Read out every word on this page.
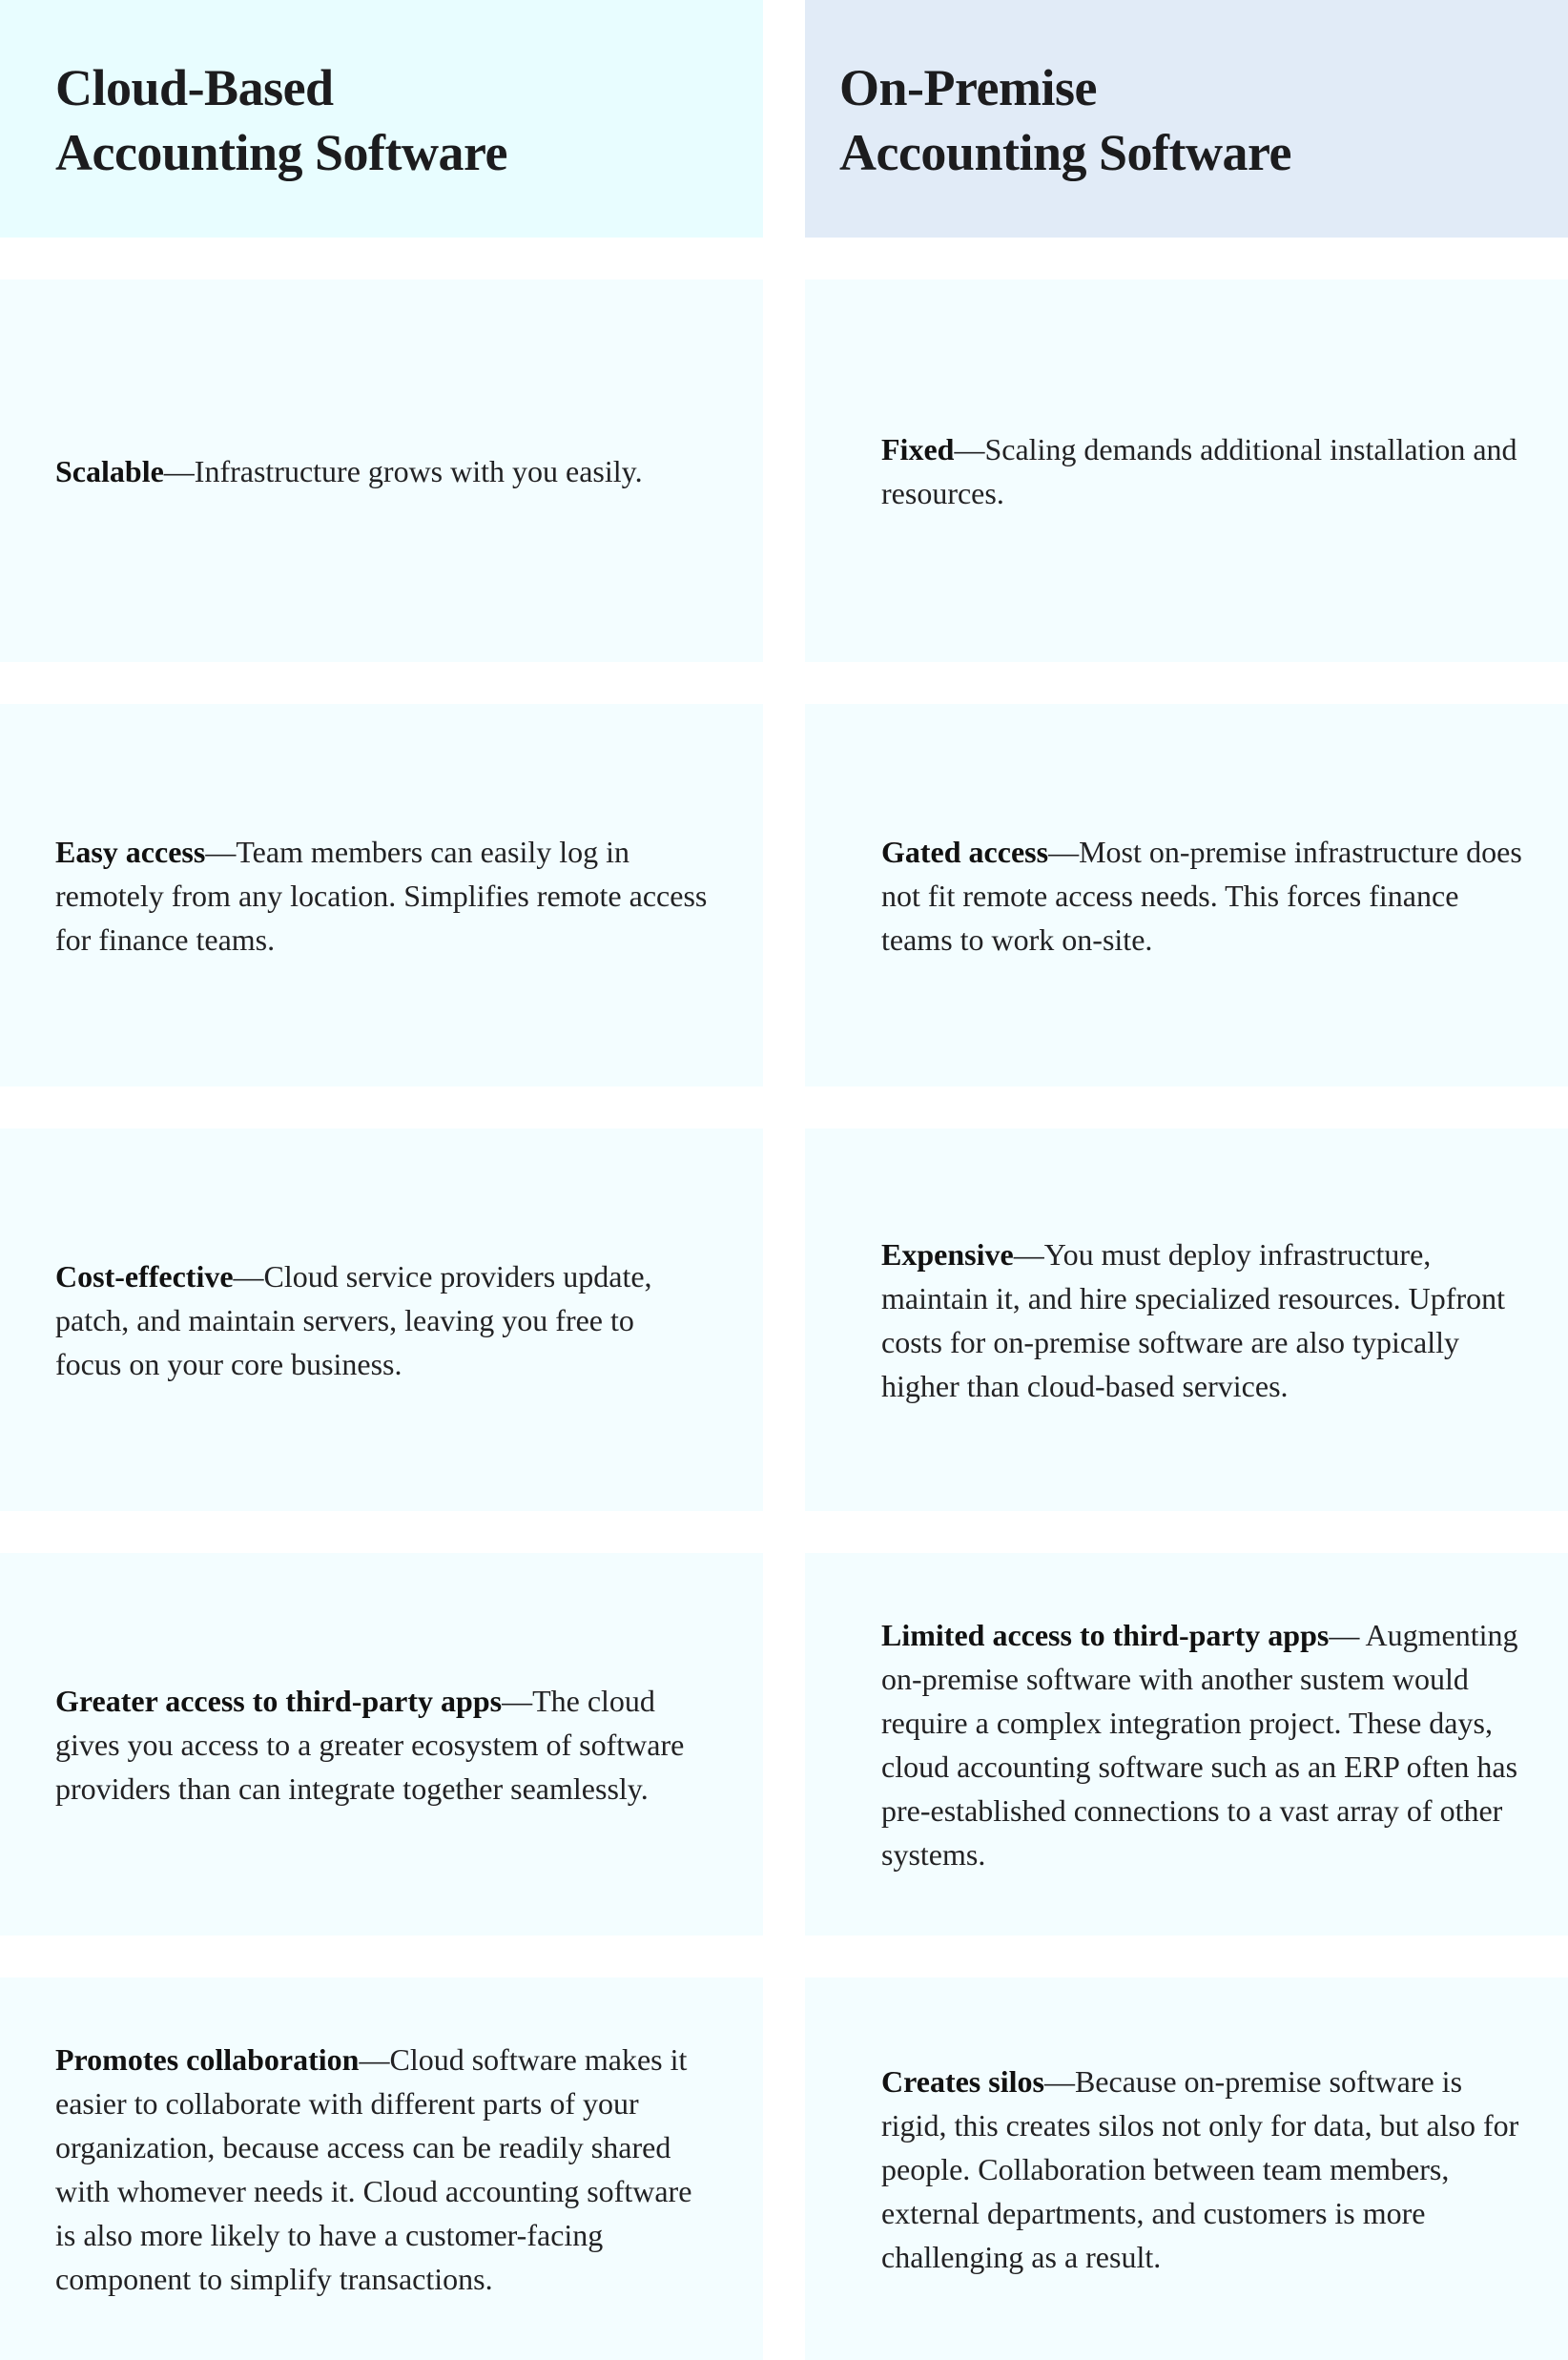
Cloud-Based
Accounting Software
On-Premise
Accounting Software

Scalable—Infrastructure grows with you easily.

Fixed—Scaling demands additional installation and resources.

Easy access—Team members can easily log in remotely from any location. Simplifies remote access for finance teams.

Gated access—Most on-premise infrastructure does not fit remote access needs. This forces finance teams to work on-site.

Cost-effective—Cloud service providers update, patch, and maintain servers, leaving you free to focus on your core business.

Expensive—You must deploy infrastructure, maintain it, and hire specialized resources. Upfront costs for on-premise software are also typically higher than cloud-based services.

Greater access to third-party apps—The cloud gives you access to a greater ecosystem of software providers than can integrate together seamlessly.

Limited access to third-party apps— Augmenting on-premise software with another sustem would require a complex integration project. These days, cloud accounting software such as an ERP often has pre-established connections to a vast array of other systems.

Promotes collaboration—Cloud software makes it easier to collaborate with different parts of your organization, because access can be readily shared with whomever needs it. Cloud accounting software is also more likely to have a customer-facing component to simplify transactions.

Creates silos—Because on-premise software is rigid, this creates silos not only for data, but also for people. Collaboration between team members, external departments, and customers is more challenging as a result.
